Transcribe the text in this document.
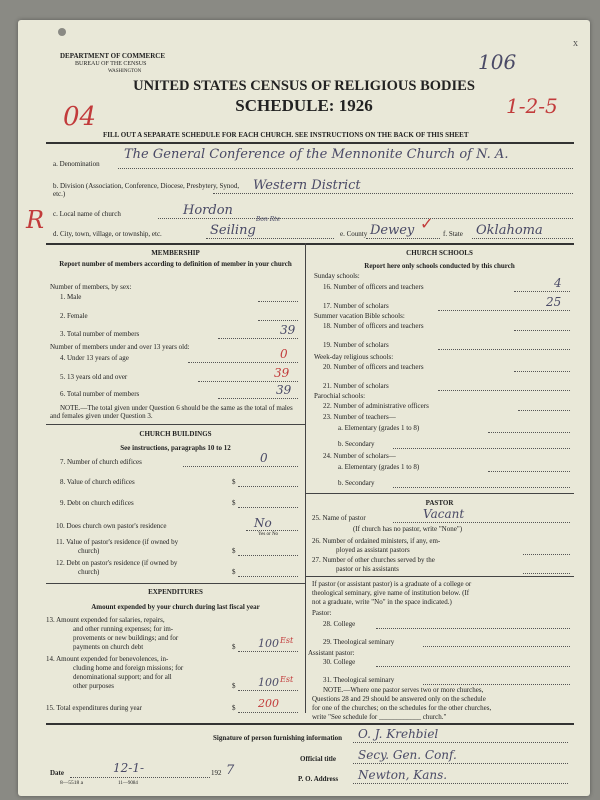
DEPARTMENT OF COMMERCE
BUREAU OF THE CENSUS
WASHINGTON	106
x
UNITED STATES CENSUS OF RELIGIOUS BODIES
SCHEDULE: 1926
04	1-2-5
FILL OUT A SEPARATE SCHEDULE FOR EACH CHURCH. SEE INSTRUCTIONS ON THE BACK OF THIS SHEET
a. Denomination
The General Conference of the Mennonite Church of N. A.
b. Division (Association, Conference, Diocese, Presbytery, Synod, etc.)
Western District
c. Local name of church	Hordon
R d. City, town, village, or township, etc.	Seiling
Bon Rte
e. County Dewey ✓
f. State Oklahoma
MEMBERSHIP
Report number of members according to definition of member in your church
Number of members, by sex:
1. Male
2. Female
3. Total number of members	39
Number of members under and over 13 years old:
4. Under 13 years of age	0
5. 13 years old and over	39
6. Total number of members	39
NOTE.—The total given under Question 6 should be the same as the total of males and females given under Question 3.
CHURCH BUILDINGS
See instructions, paragraphs 10 to 12
7. Number of church edifices	0
8. Value of church edifices	$
9. Debt on church edifices	$
10. Does church own pastor's residence	No
Yes or No
11. Value of pastor's residence (if owned by
church)	$
12. Debt on pastor's residence (if owned by
church)	$
EXPENDITURES
Amount expended by your church during last fiscal year
13. Amount expended for salaries, repairs,
and other running expenses; for im-
provements or new buildings; and for
payments on church debt	$ 100 Est
14. Amount expended for benevolences, in-
cluding home and foreign missions; for
denominational support; and for all
other purposes	$ 100 Est
15. Total expenditures during year	$ 200
CHURCH SCHOOLS
Report here only schools conducted by this church
Sunday schools:
16. Number of officers and teachers	4
17. Number of scholars	25
Summer vacation Bible schools:
18. Number of officers and teachers
19. Number of scholars
Week-day religious schools:
20. Number of officers and teachers
21. Number of scholars
Parochial schools:
22. Number of administrative officers
23. Number of teachers—
a. Elementary (grades 1 to 8)
b. Secondary
24. Number of scholars—
a. Elementary (grades 1 to 8)
b. Secondary
PASTOR
25. Name of pastor	Vacant
(If church has no pastor, write "None")
26. Number of ordained ministers, if any, em-
ployed as assistant pastors
27. Number of other churches served by the
pastor or his assistants
If pastor (or assistant pastor) is a graduate of a college or
theological seminary, give name of institution below. (If
not a graduate, write "No" in the space indicated.)
Pastor:
28. College
29. Theological seminary
Assistant pastor:
30. College
31. Theological seminary
NOTE.—Where one pastor serves two or more churches,
Questions 28 and 29 should be answered only on the schedule
for one of the churches; on the schedules for the other churches,
write "See schedule for ____________ church."
Signature of person furnishing information O. J. Krehbiel
Official title Secy. Gen. Conf.
Date	12-1-	192 7
P. O. Address Newton, Kans.
8—5518 a	11—9084
